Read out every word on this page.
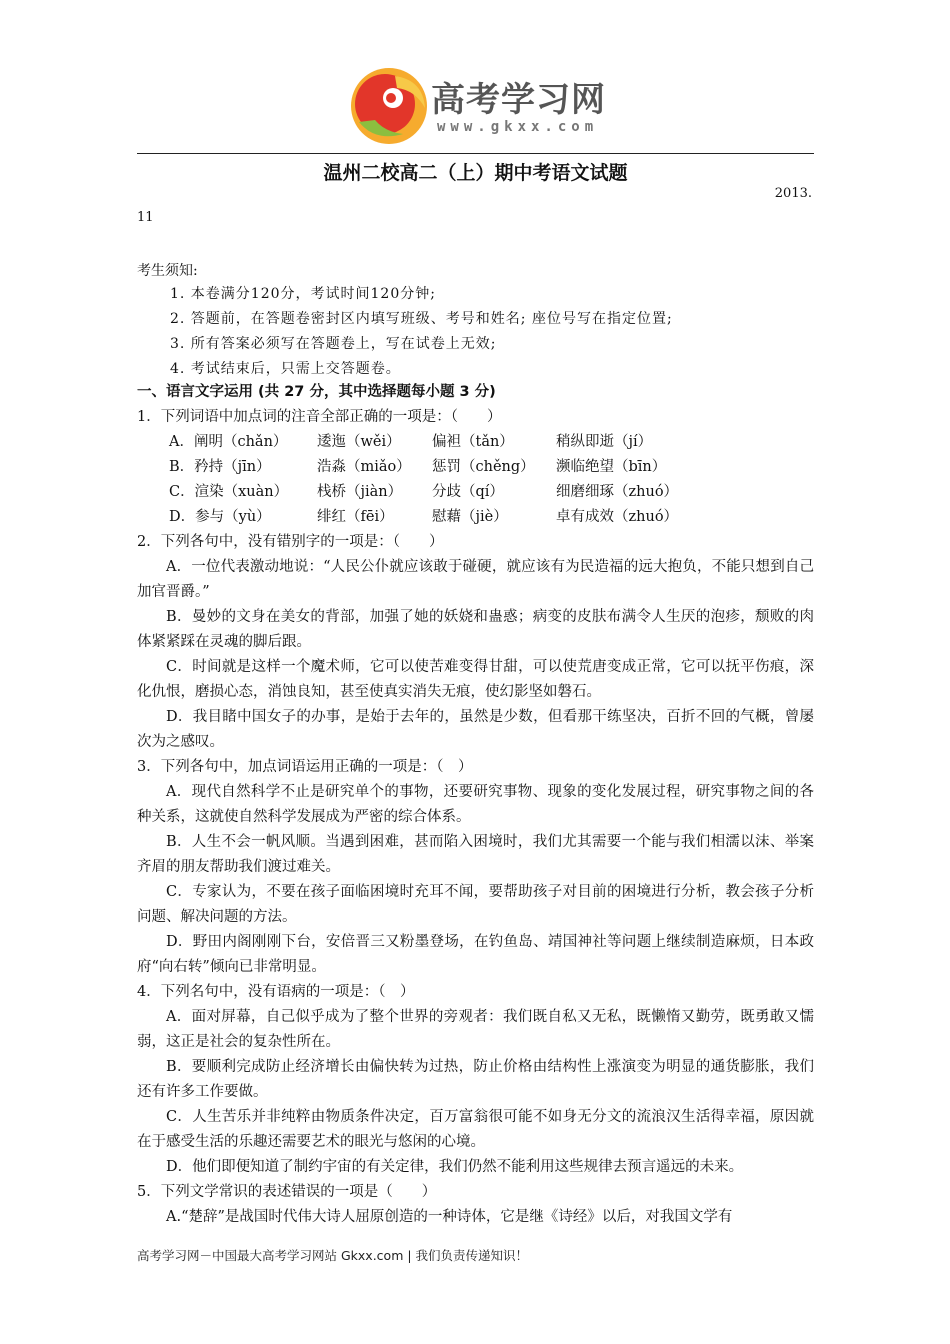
高考学习网
www.gkxx.com
温州二校高二（上）期中考语文试题
2013.
11
考生须知:
1. 本卷满分120分，考试时间120分钟;
2. 答题前，在答题卷密封区内填写班级、考号和姓名; 座位号写在指定位置;
3. 所有答案必须写在答题卷上，写在试卷上无效;
4. 考试结束后，只需上交答题卷。
一、语言文字运用 (共 27 分，其中选择题每小题 3 分)
1．下列词语中加点词的注音全部正确的一项是：（　　）
A．阐明（chǎn）	逶迤（wěi）	偏袒（tǎn）	稍纵即逝（jí）
B．矜持（jīn）	浩淼（miǎo）	惩罚（chěng）	濒临绝望（bīn）
C．渲染（xuàn）	栈桥（jiàn）	分歧（qí）	细磨细琢（zhuó）
D．参与（yù）	绯红（fēi）	慰藉（jiè）	卓有成效（zhuó）
2．下列各句中，没有错别字的一项是：（　　）

A．一位代表激动地说：“人民公仆就应该敢于碰硬，就应该有为民造福的远大抱负，不能只想到自己加官晋爵。”

B．曼妙的文身在美女的背部，加强了她的妖娆和蛊惑；病变的皮肤布满令人生厌的泡疹，颓败的肉体紧紧踩在灵魂的脚后跟。

C．时间就是这样一个魔术师，它可以使苦难变得甘甜，可以使荒唐变成正常，它可以抚平伤痕，深化仇恨，磨损心态，消蚀良知，甚至使真实消失无痕，使幻影坚如磐石。

D．我目睹中国女子的办事，是始于去年的，虽然是少数，但看那干练坚决，百折不回的气概，曾屡次为之感叹。

3．下列各句中，加点词语运用正确的一项是：（　）

A．现代自然科学不止是研究单个的事物，还要研究事物、现象的变化发展过程，研究事物之间的各种关系，这就使自然科学发展成为严密的综合体系。

B．人生不会一帆风顺。当遇到困难，甚而陷入困境时，我们尤其需要一个能与我们相濡以沫、举案齐眉的朋友帮助我们渡过难关。

C．专家认为，不要在孩子面临困境时充耳不闻，要帮助孩子对目前的困境进行分析，教会孩子分析问题、解决问题的方法。

D．野田内阁刚刚下台，安倍晋三又粉墨登场，在钓鱼岛、靖国神社等问题上继续制造麻烦，日本政府“向右转”倾向已非常明显。

4．下列名句中，没有语病的一项是：（　）

A．面对屏幕，自己似乎成为了整个世界的旁观者：我们既自私又无私，既懒惰又勤劳，既勇敢又懦弱，这正是社会的复杂性所在。

B．要顺利完成防止经济增长由偏快转为过热，防止价格由结构性上涨演变为明显的通货膨胀，我们还有许多工作要做。

C．人生苦乐并非纯粹由物质条件决定，百万富翁很可能不如身无分文的流浪汉生活得幸福，原因就在于感受生活的乐趣还需要艺术的眼光与悠闲的心境。

D．他们即便知道了制约宇宙的有关定律，我们仍然不能利用这些规律去预言遥远的未来。

5．下列文学常识的表述错误的一项是（　　）

A.“楚辞”是战国时代伟大诗人屈原创造的一种诗体，它是继《诗经》以后，对我国文学有

高考学习网－中国最大高考学习网站 Gkxx.com | 我们负责传递知识！
